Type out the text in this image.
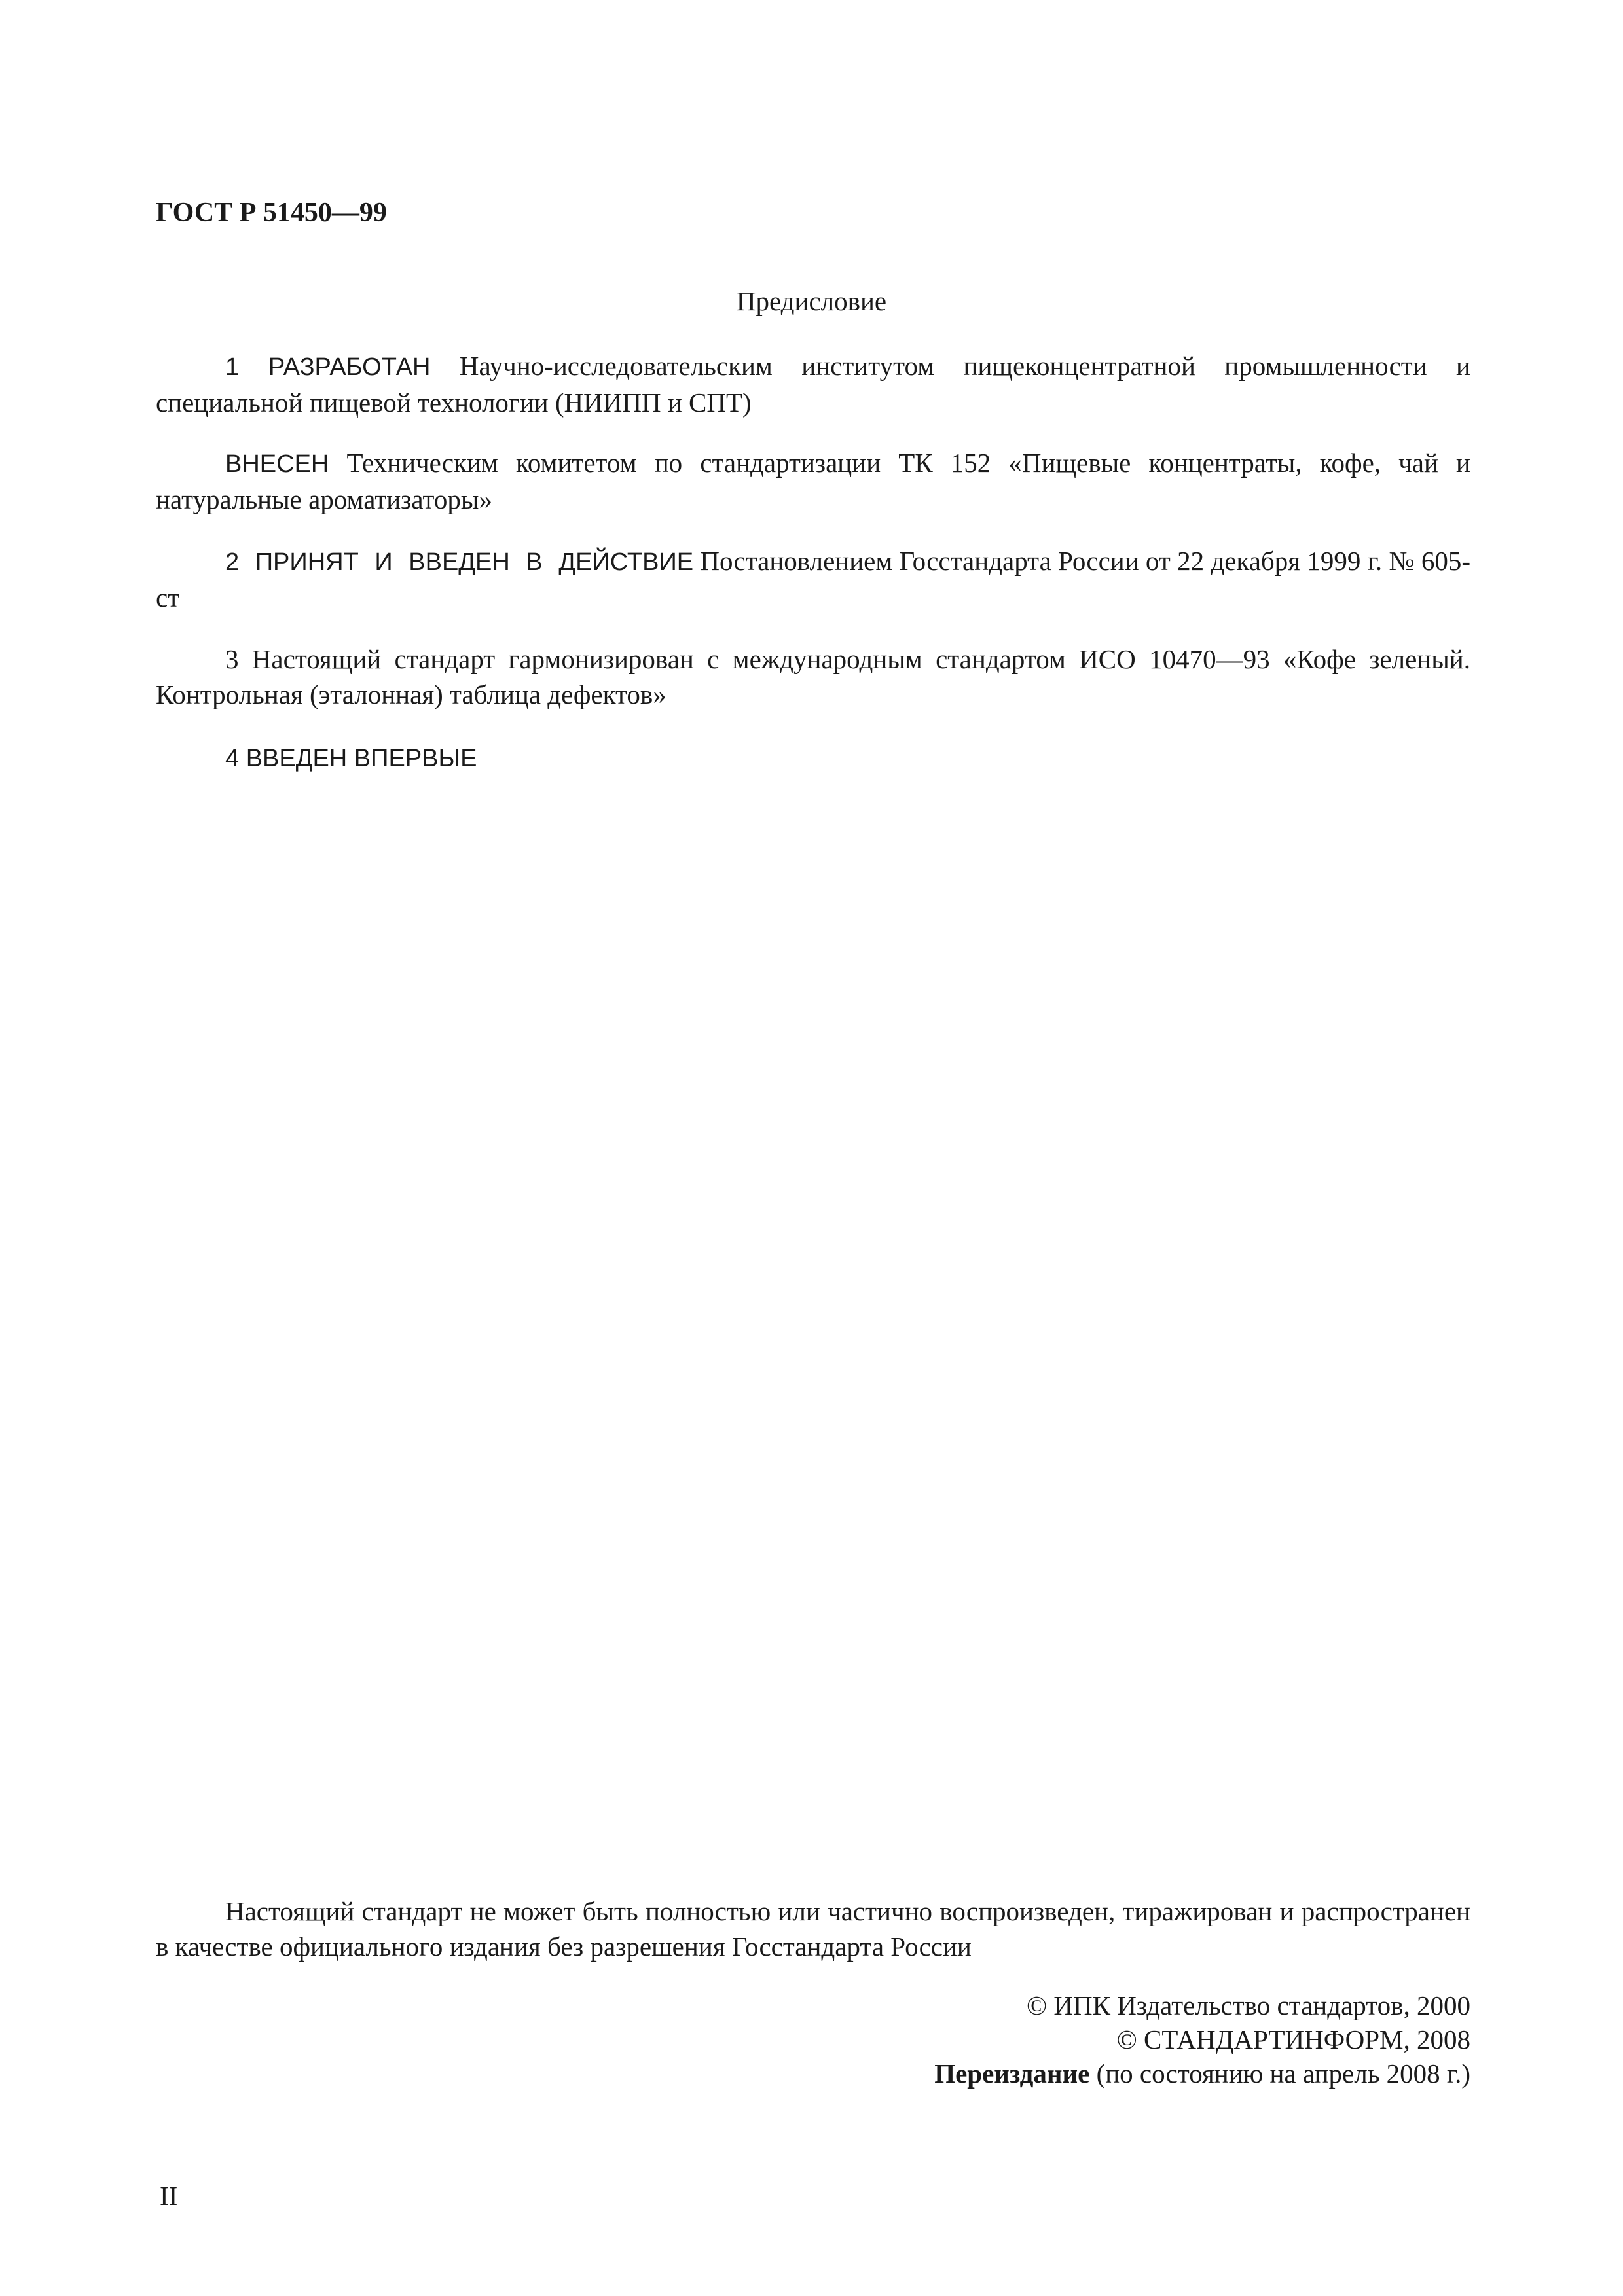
ГОСТ Р 51450—99
Предисловие

1 РАЗРАБОТАН Научно-исследовательским институтом пищеконцентратной промышленности и специальной пищевой технологии (НИИПП и СПТ)

ВНЕСЕН Техническим комитетом по стандартизации ТК 152 «Пищевые концентраты, кофе, чай и натуральные ароматизаторы»

2 ПРИНЯТ И ВВЕДЕН В ДЕЙСТВИЕ Постановлением Госстандарта России от 22 декабря 1999 г. № 605-ст

3 Настоящий стандарт гармонизирован с международным стандартом ИСО 10470—93 «Кофе зеленый. Контрольная (эталонная) таблица дефектов»

4 ВВЕДЕН ВПЕРВЫЕ

Настоящий стандарт не может быть полностью или частично воспроизведен, тиражирован и распространен в качестве официального издания без разрешения Госстандарта России

© ИПК Издательство стандартов, 2000
© СТАНДАРТИНФОРМ, 2008
Переиздание (по состоянию на апрель 2008 г.)
II
